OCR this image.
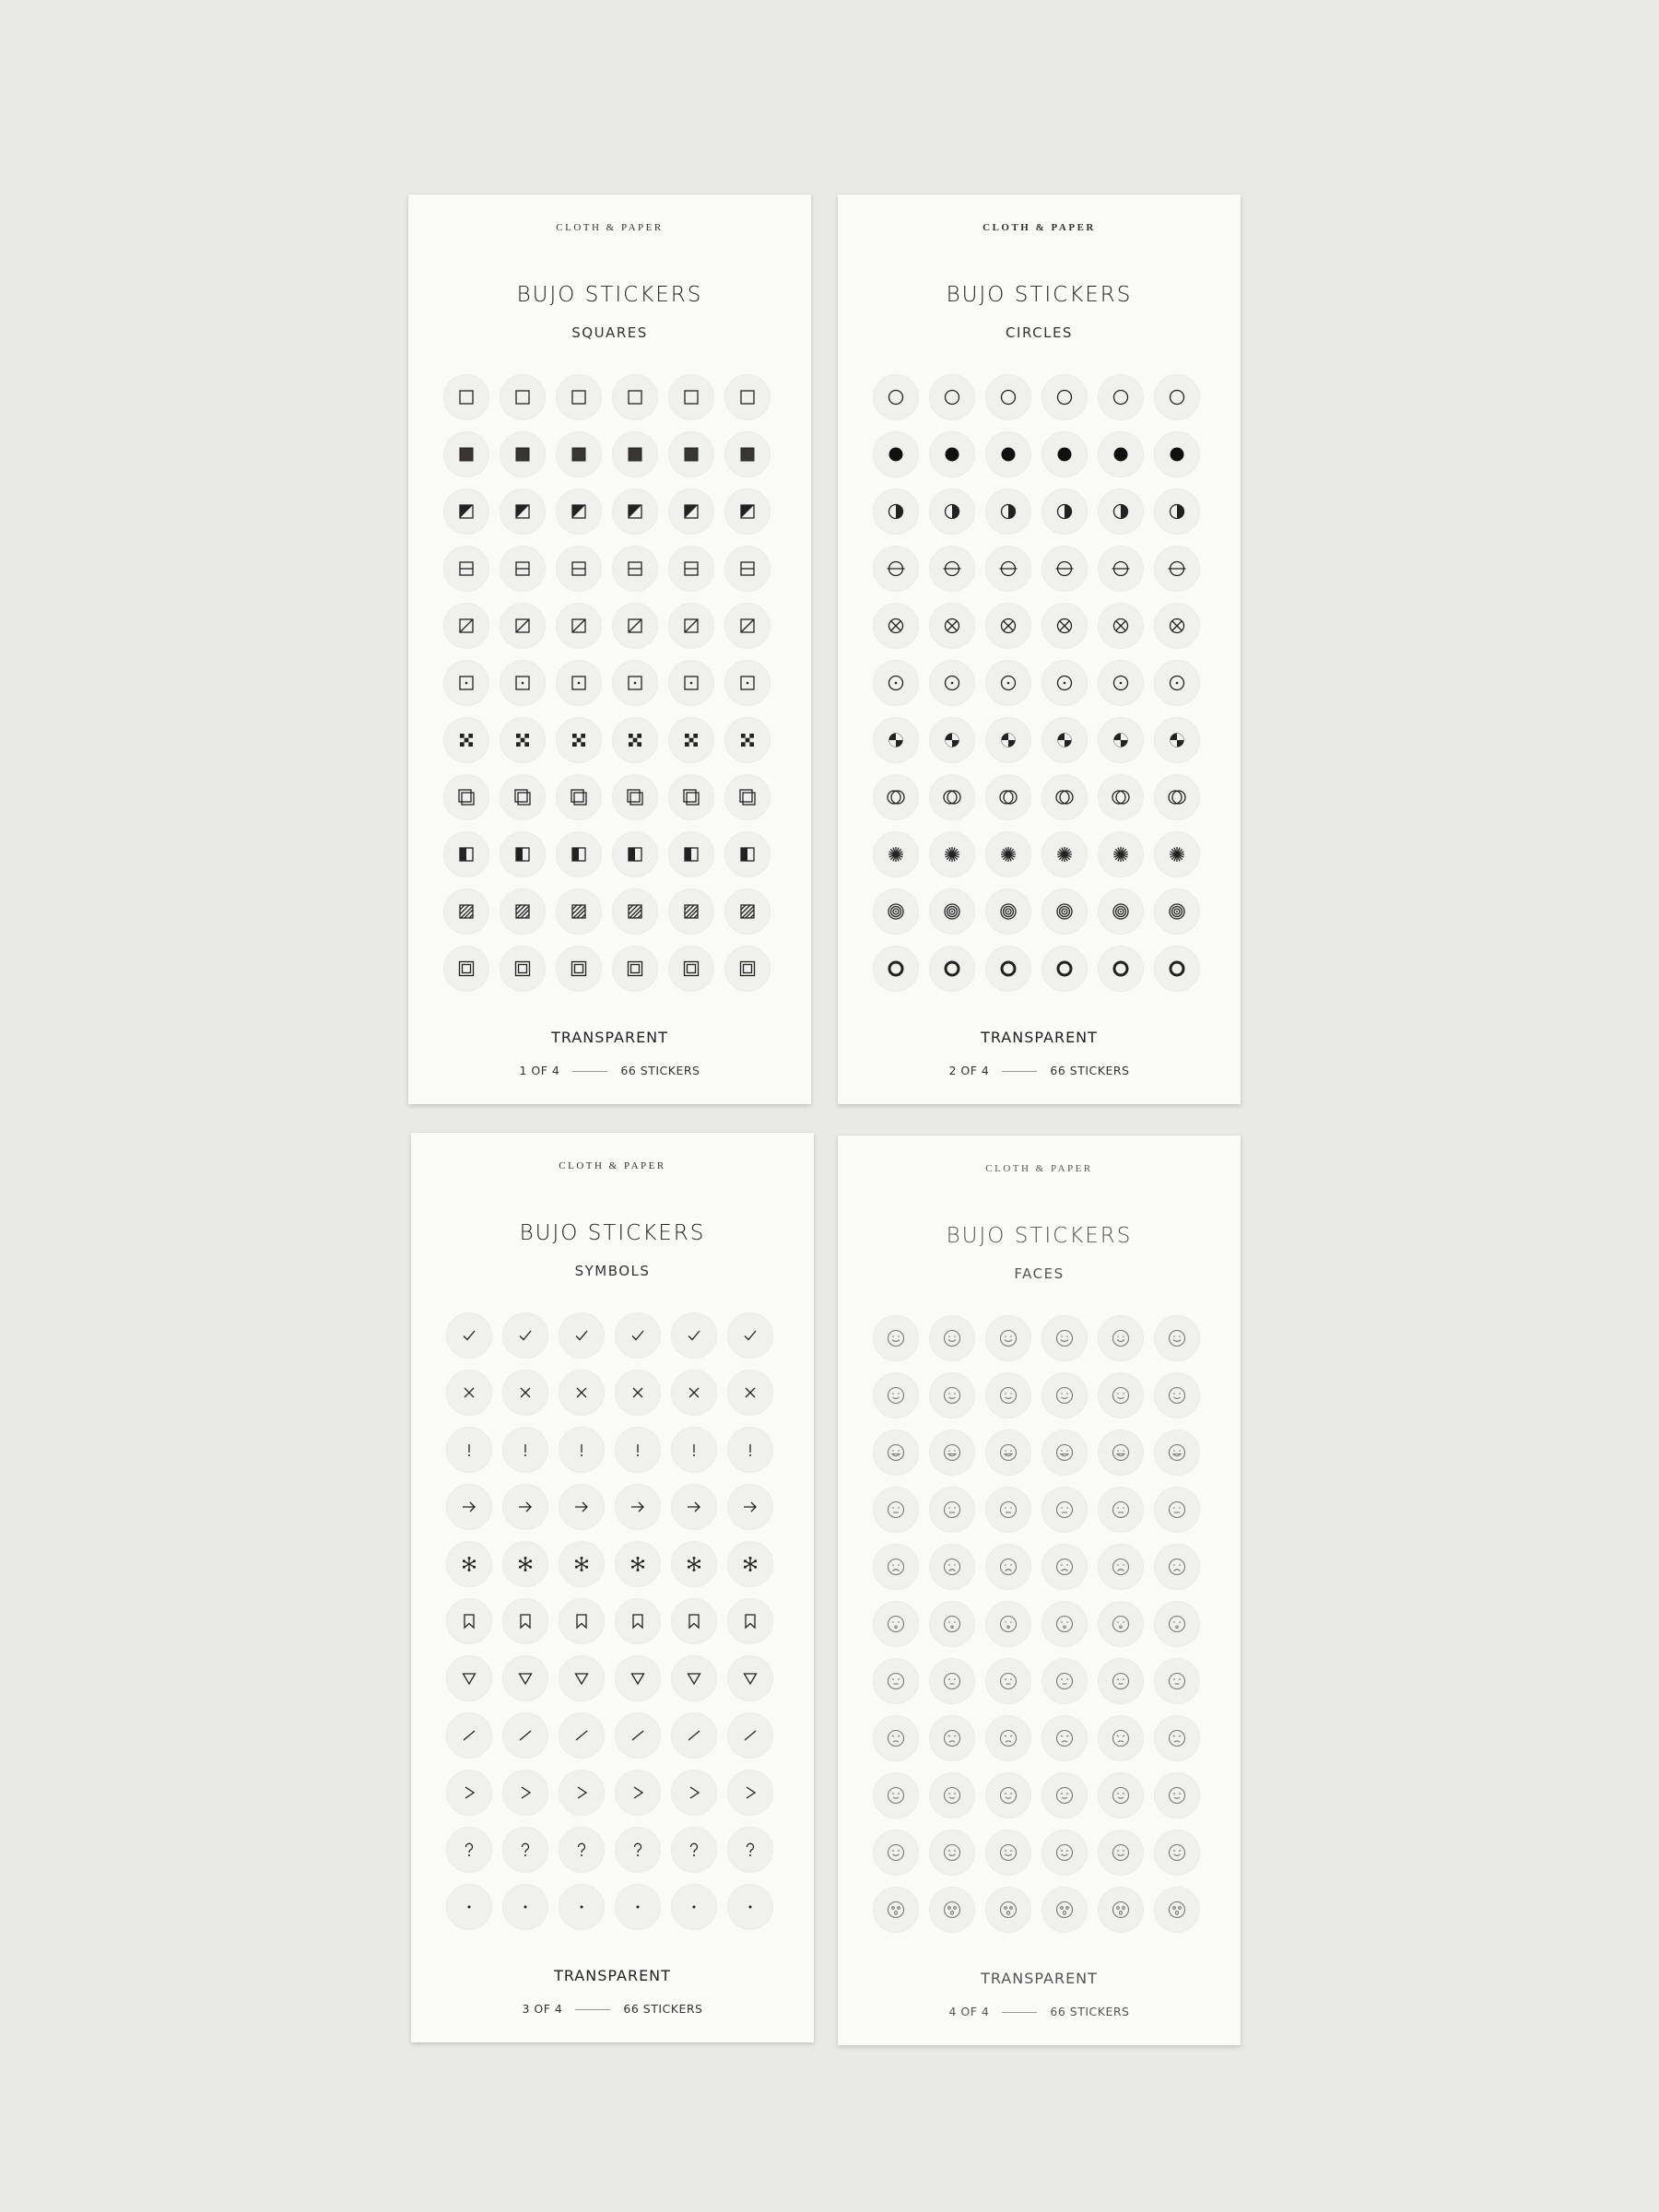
CLOTH & PAPER
BUJO STICKERS
SQUARES
TRANSPARENT
1 OF 4	66 STICKERS
CLOTH & PAPER
BUJO STICKERS
CIRCLES
TRANSPARENT
2 OF 4	66 STICKERS
CLOTH & PAPER
BUJO STICKERS
SYMBOLS
TRANSPARENT
3 OF 4	66 STICKERS
CLOTH & PAPER
BUJO STICKERS
FACES
TRANSPARENT
4 OF 4	66 STICKERS
